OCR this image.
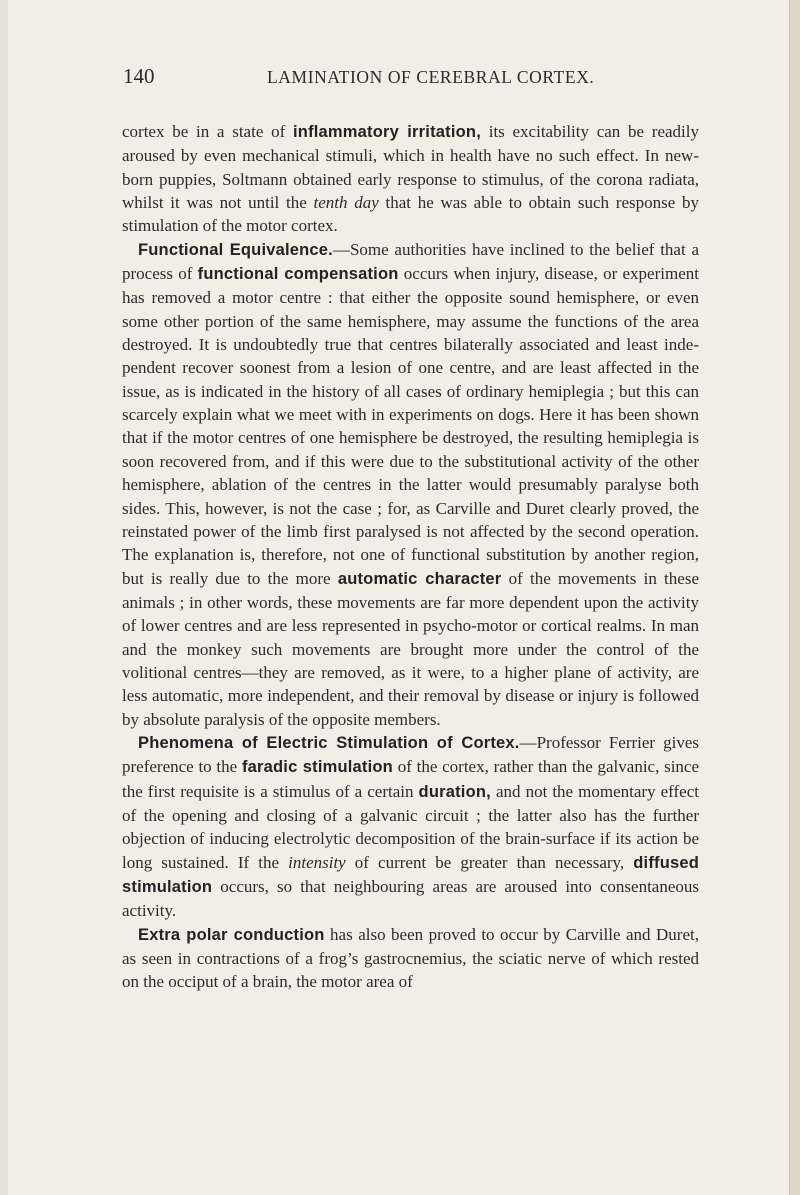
140	LAMINATION OF CEREBRAL CORTEX.

cortex be in a state of inflammatory irritation, its excitability can be readily aroused by even mechanical stimuli, which in health have no such effect. In new-born puppies, Soltmann obtained early response to stimulus, of the corona radiata, whilst it was not until the tenth day that he was able to obtain such response by stimulation of the motor cortex.

Functional Equivalence.—Some authorities have inclined to the belief that a process of functional compensation occurs when injury, disease, or experiment has removed a motor centre : that either the opposite sound hemisphere, or even some other portion of the same hemisphere, may assume the functions of the area destroyed. It is undoubtedly true that centres bilaterally associated and least independent recover soonest from a lesion of one centre, and are least affected in the issue, as is indicated in the history of all cases of ordinary hemiplegia ; but this can scarcely explain what we meet with in experiments on dogs. Here it has been shown that if the motor centres of one hemisphere be destroyed, the resulting hemiplegia is soon recovered from, and if this were due to the substitutional activity of the other hemisphere, ablation of the centres in the latter would presumably paralyse both sides. This, however, is not the case ; for, as Carville and Duret clearly proved, the reinstated power of the limb first paralysed is not affected by the second operation. The explanation is, therefore, not one of functional substitution by another region, but is really due to the more automatic character of the movements in these animals ; in other words, these movements are far more dependent upon the activity of lower centres and are less represented in psycho-motor or cortical realms. In man and the monkey such movements are brought more under the control of the volitional centres—they are removed, as it were, to a higher plane of activity, are less automatic, more independent, and their removal by disease or injury is followed by absolute paralysis of the opposite members.

Phenomena of Electric Stimulation of Cortex.—Professor Ferrier gives preference to the faradic stimulation of the cortex, rather than the galvanic, since the first requisite is a stimulus of a certain duration, and not the momentary effect of the opening and closing of a galvanic circuit ; the latter also has the further objection of inducing electrolytic decomposition of the brain-surface if its action be long sustained. If the intensity of current be greater than necessary, diffused stimulation occurs, so that neighbouring areas are aroused into consentaneous activity.

Extra polar conduction has also been proved to occur by Carville and Duret, as seen in contractions of a frog’s gastrocnemius, the sciatic nerve of which rested on the occiput of a brain, the motor area of
